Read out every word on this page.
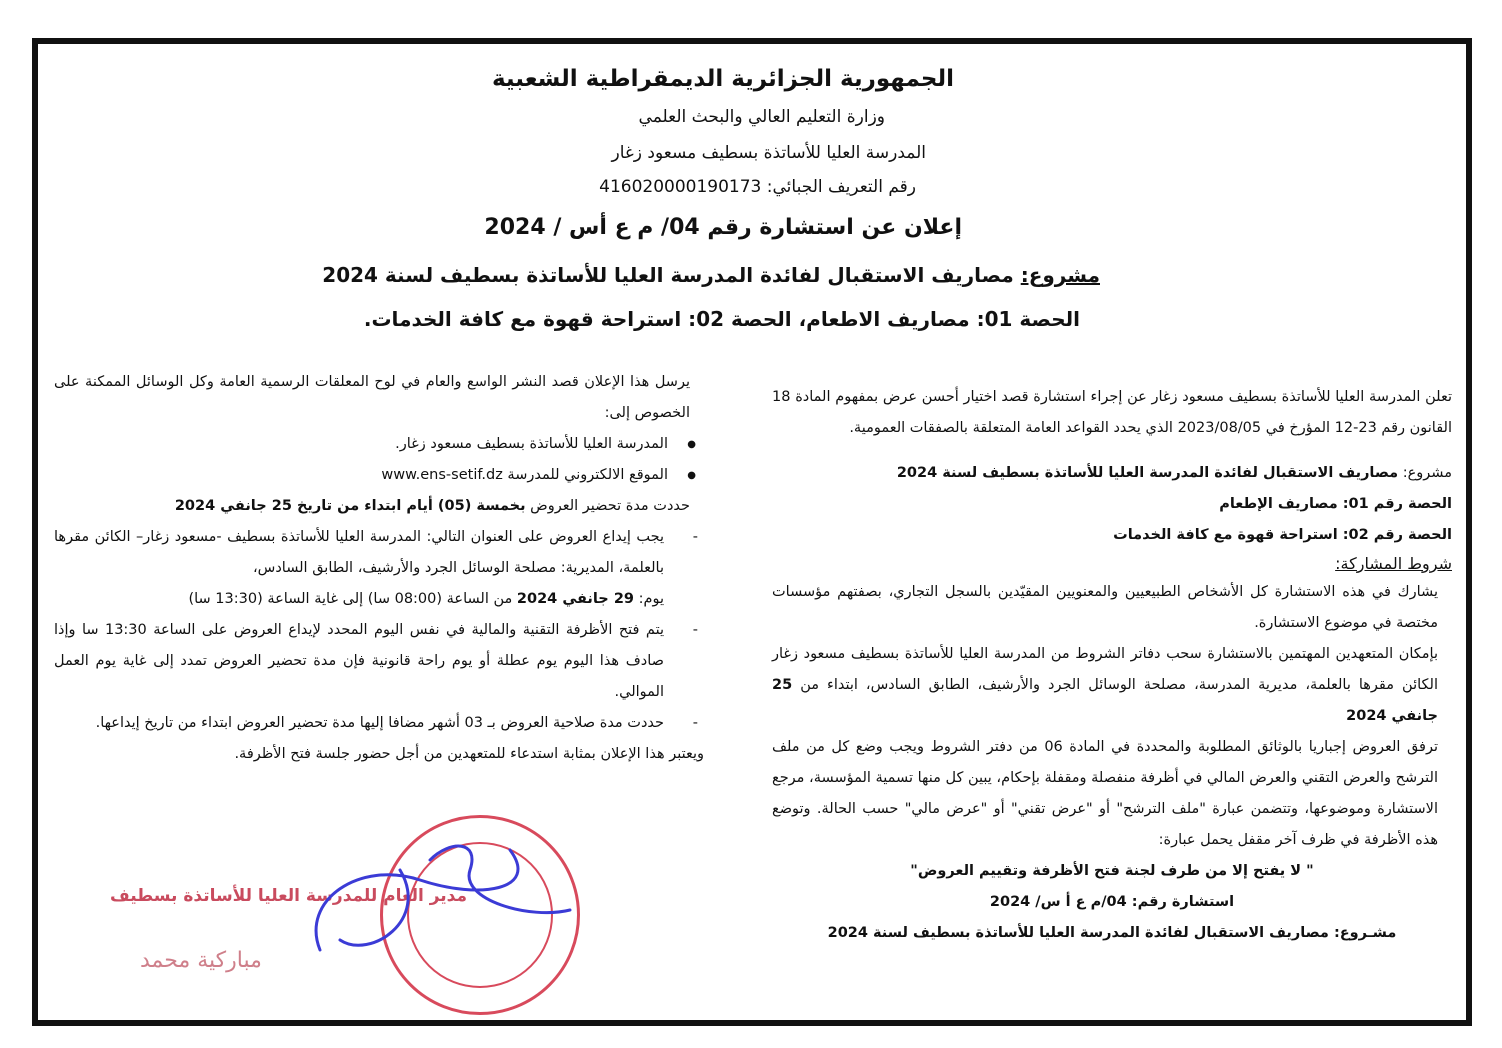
الجمهورية الجزائرية الديمقراطية الشعبية
وزارة التعليم العالي والبحث العلمي
المدرسة العليا للأساتذة بسطيف مسعود زغار
رقم التعريف الجبائي: 416020000190173
إعلان عن استشارة رقم 04/ م ع أس / 2024
مشروع: مصاريف الاستقبال لفائدة المدرسة العليا للأساتذة بسطيف لسنة 2024
الحصة 01: مصاريف الاطعام، الحصة 02: استراحة قهوة مع كافة الخدمات.

تعلن المدرسة العليا للأساتذة بسطيف مسعود زغار عن إجراء استشارة قصد اختيار أحسن عرض بمفهوم المادة 18 القانون رقم 23-12 المؤرخ في 2023/08/05 الذي يحدد القواعد العامة المتعلقة بالصفقات العمومية.

مشروع: مصاريف الاستقبال لفائدة المدرسة العليا للأساتذة بسطيف لسنة 2024

الحصة رقم 01: مصاريف الإطعام

الحصة رقم 02: استراحة قهوة مع كافة الخدمات

شروط المشاركة:

يشارك في هذه الاستشارة كل الأشخاص الطبيعيين والمعنويين المقيّدين بالسجل التجاري، بصفتهم مؤسسات مختصة في موضوع الاستشارة.

بإمكان المتعهدين المهتمين بالاستشارة سحب دفاتر الشروط من المدرسة العليا للأساتذة بسطيف مسعود زغار الكائن مقرها بالعلمة، مديرية المدرسة، مصلحة الوسائل الجرد والأرشيف، الطابق السادس، ابتداء من 25 جانفي 2024

ترفق العروض إجباريا بالوثائق المطلوبة والمحددة في المادة 06 من دفتر الشروط ويجب وضع كل من ملف الترشح والعرض التقني والعرض المالي في أظرفة منفصلة ومقفلة بإحكام، يبين كل منها تسمية المؤسسة، مرجع الاستشارة وموضوعها، وتتضمن عبارة "ملف الترشح" أو "عرض تقني" أو "عرض مالي" حسب الحالة. وتوضع هذه الأظرفة في ظرف آخر مقفل يحمل عبارة:

" لا يفتح إلا من طرف لجنة فتح الأظرفة وتقييم العروض"

استشارة رقم: 04/م ع أ س/ 2024

مشـروع: مصاريف الاستقبال لفائدة المدرسة العليا للأساتذة بسطيف لسنة 2024

يرسل هذا الإعلان قصد النشر الواسع والعام في لوح المعلقات الرسمية العامة وكل الوسائل الممكنة على الخصوص إلى:

● المدرسة العليا للأساتذة بسطيف مسعود زغار.

● الموقع الالكتروني للمدرسة www.ens-setif.dz

حددت مدة تحضير العروض بخمسة (05) أيام ابتداء من تاريخ 25 جانفي 2024

- يجب إيداع العروض على العنوان التالي: المدرسة العليا للأساتذة بسطيف -مسعود زغار– الكائن مقرها بالعلمة، المديرية: مصلحة الوسائل الجرد والأرشيف، الطابق السادس،
يوم: 29 جانفي 2024 من الساعة (08:00 سا) إلى غاية الساعة (13:30 سا)

- يتم فتح الأظرفة التقنية والمالية في نفس اليوم المحدد لإيداع العروض على الساعة 13:30 سا وإذا صادف هذا اليوم يوم عطلة أو يوم راحة قانونية فإن مدة تحضير العروض تمدد إلى غاية يوم العمل الموالي.

- حددت مدة صلاحية العروض بـ 03 أشهر مضافا إليها مدة تحضير العروض ابتداء من تاريخ إيداعها.

ويعتبر هذا الإعلان بمثابة استدعاء للمتعهدين من أجل حضور جلسة فتح الأظرفة.

مدير العام للمدرسة العليا للأساتذة بسطيف
مباركية محمد
